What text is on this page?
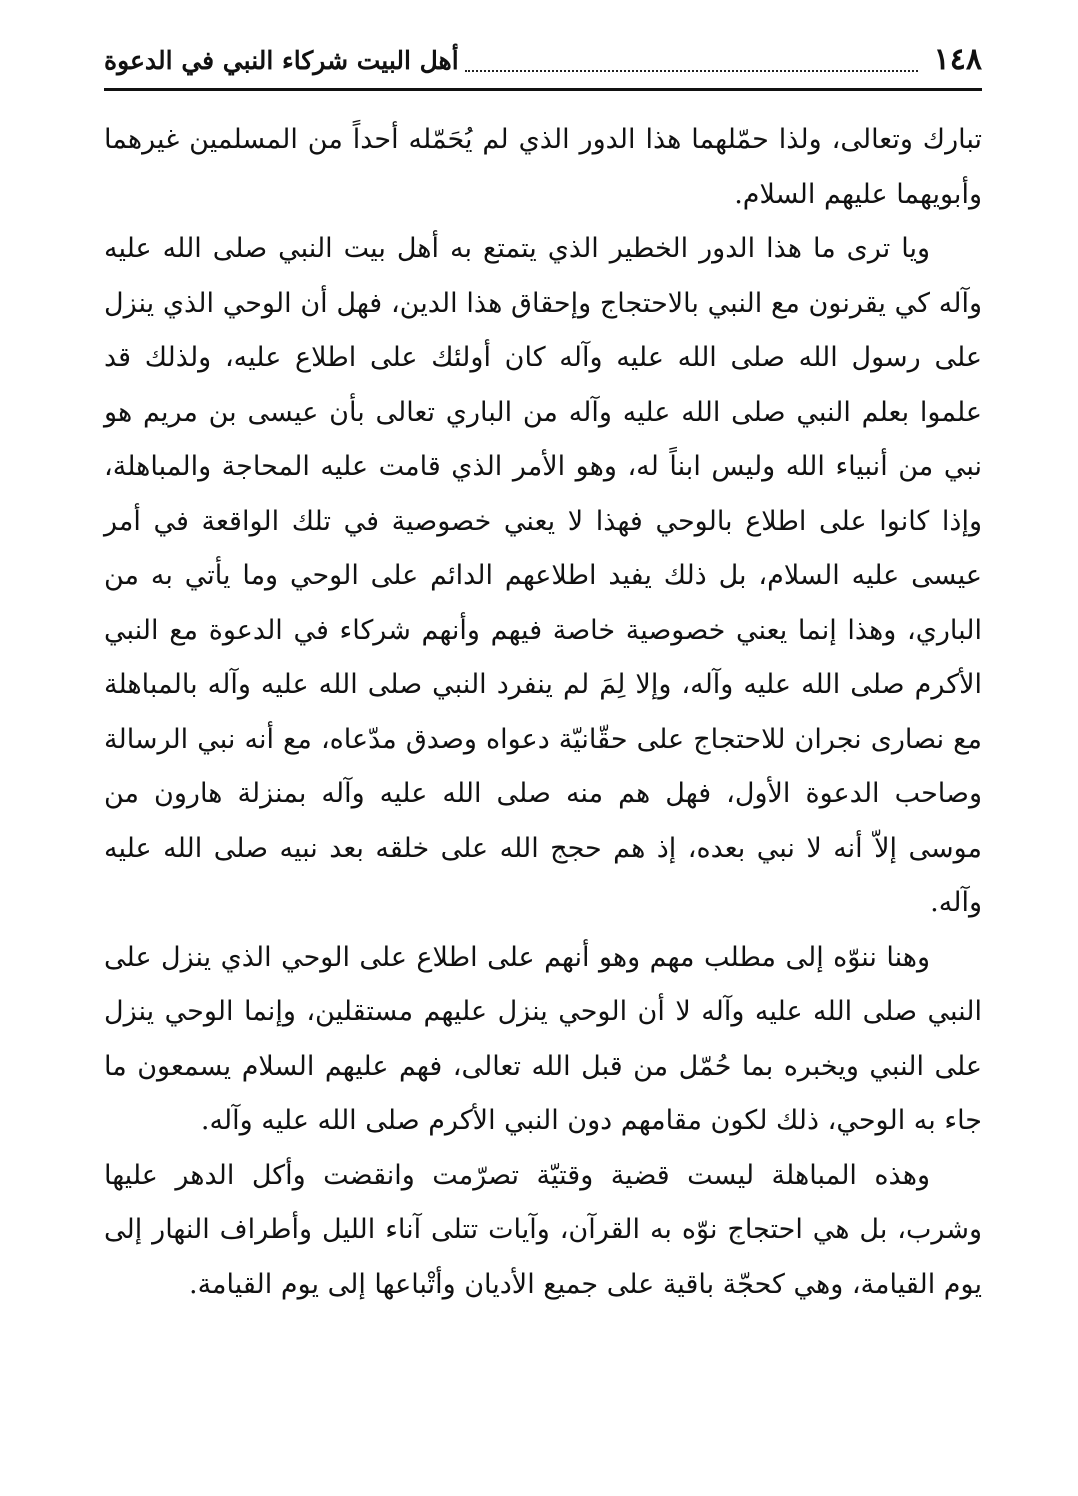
١٤٨
أهل البيت شركاء النبي في الدعوة

تبارك وتعالى، ولذا حمّلهما هذا الدور الذي لم يُحَمّله أحداً من المسلمين غيرهما وأبويهما عليهم السلام.

ويا ترى ما هذا الدور الخطير الذي يتمتع به أهل بيت النبي صلى الله عليه وآله كي يقرنون مع النبي بالاحتجاج وإحقاق هذا الدين، فهل أن الوحي الذي ينزل على رسول الله صلى الله عليه وآله كان أولئك على اطلاع عليه، ولذلك قد علموا بعلم النبي صلى الله عليه وآله من الباري تعالى بأن عيسى بن مريم هو نبي من أنبياء الله وليس ابناً له، وهو الأمر الذي قامت عليه المحاجة والمباهلة، وإذا كانوا على اطلاع بالوحي فهذا لا يعني خصوصية في تلك الواقعة في أمر عيسى عليه السلام، بل ذلك يفيد اطلاعهم الدائم على الوحي وما يأتي به من الباري، وهذا إنما يعني خصوصية خاصة فيهم وأنهم شركاء في الدعوة مع النبي الأكرم صلى الله عليه وآله، وإلا لِمَ لم ينفرد النبي صلى الله عليه وآله بالمباهلة مع نصارى نجران للاحتجاج على حقّانيّة دعواه وصدق مدّعاه، مع أنه نبي الرسالة وصاحب الدعوة الأول، فهل هم منه صلى الله عليه وآله بمنزلة هارون من موسى إلاّ أنه لا نبي بعده، إذ هم حجج الله على خلقه بعد نبيه صلى الله عليه وآله.

وهنا ننوّه إلى مطلب مهم وهو أنهم على اطلاع على الوحي الذي ينزل على النبي صلى الله عليه وآله لا أن الوحي ينزل عليهم مستقلين، وإنما الوحي ينزل على النبي ويخبره بما حُمّل من قبل الله تعالى، فهم عليهم السلام يسمعون ما جاء به الوحي، ذلك لكون مقامهم دون النبي الأكرم صلى الله عليه وآله.

وهذه المباهلة ليست قضية وقتيّة تصرّمت وانقضت وأكل الدهر عليها وشرب، بل هي احتجاج نوّه به القرآن، وآيات تتلى آناء الليل وأطراف النهار إلى يوم القيامة، وهي كحجّة باقية على جميع الأديان وأتْباعها إلى يوم القيامة.
